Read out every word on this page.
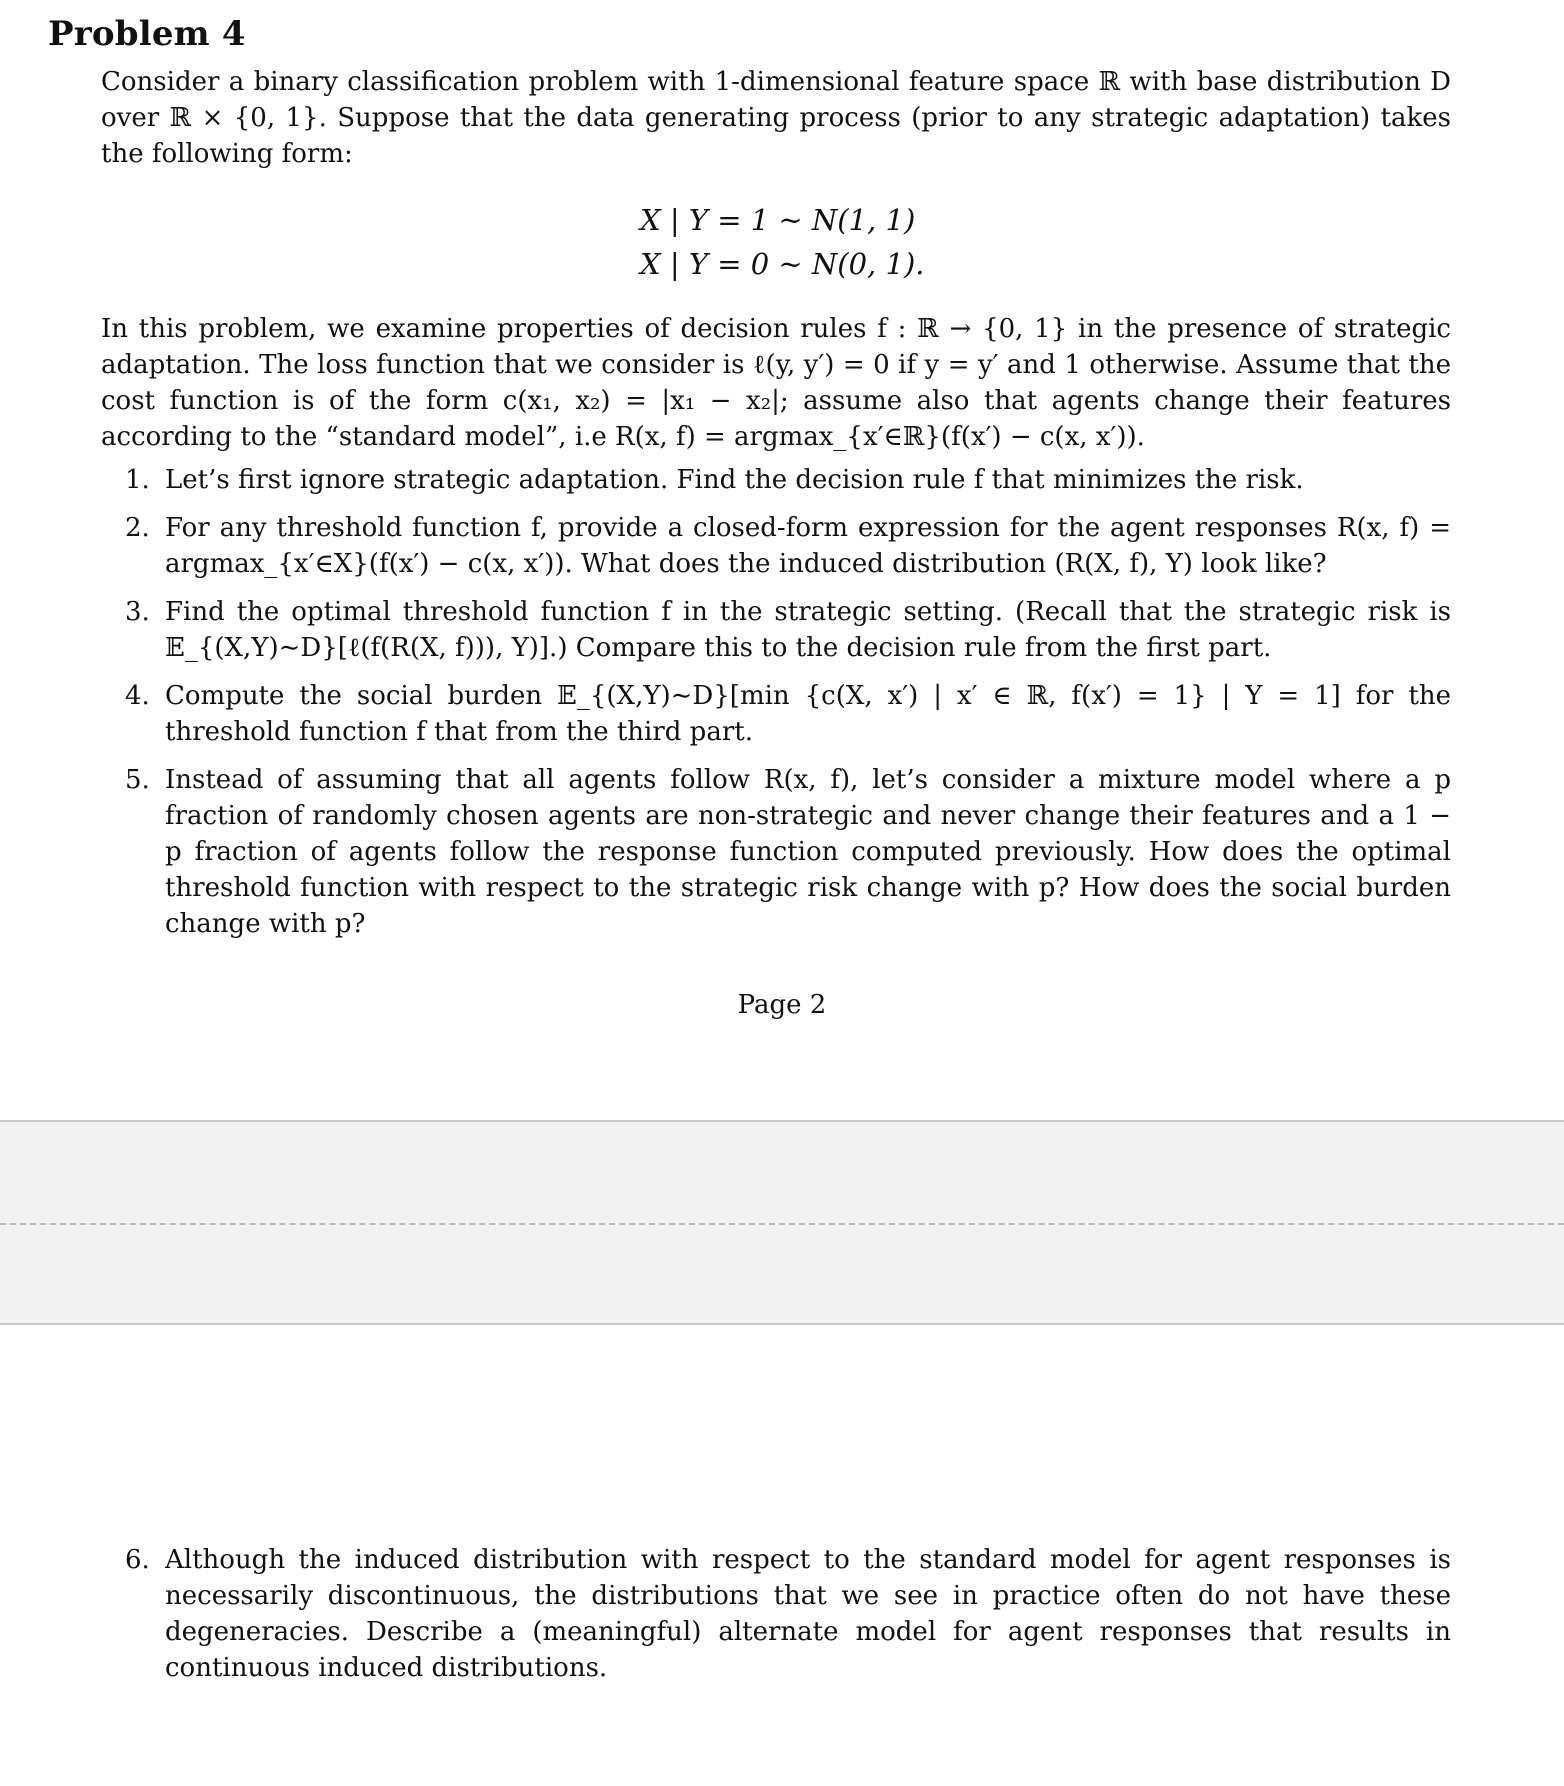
Problem 4
Consider a binary classification problem with 1-dimensional feature space ℝ with base distribution D over ℝ × {0, 1}. Suppose that the data generating process (prior to any strategic adaptation) takes the following form:
X | Y = 1 ~ N(1, 1)
X | Y = 0 ~ N(0, 1).
In this problem, we examine properties of decision rules f : ℝ → {0, 1} in the presence of strategic adaptation. The loss function that we consider is ℓ(y, y′) = 0 if y = y′ and 1 otherwise. Assume that the cost function is of the form c(x₁, x₂) = |x₁ − x₂|; assume also that agents change their features according to the “standard model”, i.e R(x, f) = argmax_{x′∈ℝ}(f(x′) − c(x, x′)).
1. Let’s first ignore strategic adaptation. Find the decision rule f that minimizes the risk.
2. For any threshold function f, provide a closed-form expression for the agent responses R(x, f) = argmax_{x′∈X}(f(x′) − c(x, x′)). What does the induced distribution (R(X, f), Y) look like?
3. Find the optimal threshold function f in the strategic setting. (Recall that the strategic risk is 𝔼_{(X,Y)∼D}[ℓ(f(R(X, f))), Y)].) Compare this to the decision rule from the first part.
4. Compute the social burden 𝔼_{(X,Y)∼D}[min {c(X, x′) | x′ ∈ ℝ, f(x′) = 1} | Y = 1] for the threshold function f that from the third part.
5. Instead of assuming that all agents follow R(x, f), let’s consider a mixture model where a p fraction of randomly chosen agents are non-strategic and never change their features and a 1 − p fraction of agents follow the response function computed previously. How does the optimal threshold function with respect to the strategic risk change with p? How does the social burden change with p?
Page 2
6. Although the induced distribution with respect to the standard model for agent responses is necessarily discontinuous, the distributions that we see in practice often do not have these degeneracies. Describe a (meaningful) alternate model for agent responses that results in continuous induced distributions.
